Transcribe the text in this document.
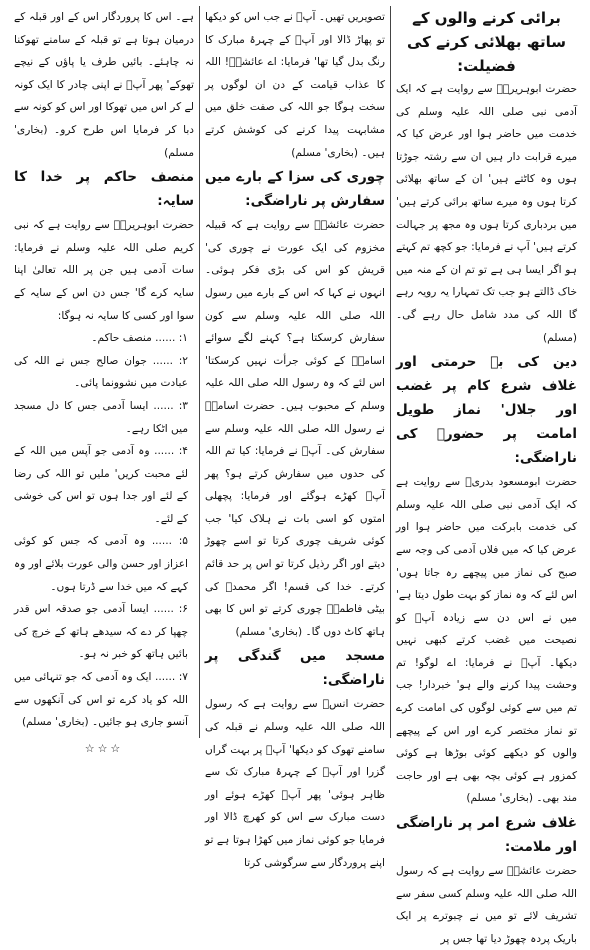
برائی کرنے والوں کے ساتھ بھلائی کرنے کی فضیلت:

حضرت ابوہریرہؓ سے روایت ہے کہ ایک آدمی نبی صلی اللہ علیہ وسلم کی خدمت میں حاضر ہوا اور عرض کیا کہ میرے قرابت دار ہیں ان سے رشتہ جوڑتا ہوں وہ کاٹتے ہیں' ان کے ساتھ بھلائی کرتا ہوں وہ میرے ساتھ برائی کرتے ہیں' میں بردباری کرتا ہوں وہ مجھ پر جہالت کرتے ہیں' آپ نے فرمایا: جو کچھ تم کہتے ہو اگر ایسا ہی ہے تو تم ان کے منہ میں خاک ڈالتے ہو جب تک تمہارا یہ رویہ رہے گا اللہ کی مدد شامل حال رہے گی۔ (مسلم)

دین کی بے حرمتی اور غلاف شرع کام پر غضب اور جلال' نماز طویل امامت پر حضورؐ کی ناراضگی:

حضرت ابومسعود بدریؓ سے روایت ہے کہ ایک آدمی نبی صلی اللہ علیہ وسلم کی خدمت بابرکت میں حاضر ہوا اور عرض کیا کہ میں فلاں آدمی کی وجہ سے صبح کی نماز میں پیچھے رہ جاتا ہوں' اس لئے کہ وہ نماز کو بہت طول دیتا ہے' میں نے اس دن سے زیادہ آپؐ کو نصیحت میں غضب کرتے کبھی نہیں دیکھا۔ آپؐ نے فرمایا: اے لوگو! تم وحشت پیدا کرنے والے ہو' خبردار! جب تم میں سے کوئی لوگوں کی امامت کرے تو نماز مختصر کرے اور اس کے پیچھے والوں کو دیکھے کوئی بوڑھا ہے کوئی کمزور ہے کوئی بچہ بھی ہے اور حاجت مند بھی۔ (بخاری' مسلم)

غلاف شرع امر پر ناراضگی اور ملامت:

حضرت عائشہؓ سے روایت ہے کہ رسول اللہ صلی اللہ علیہ وسلم کسی سفر سے تشریف لائے تو میں نے چبوترے پر ایک باریک پردہ چھوڑ دیا تھا جس پر

تصویریں تھیں۔ آپؐ نے جب اس کو دیکھا تو پھاڑ ڈالا اور آپؐ کے چہرۂ مبارک کا رنگ بدل گیا تھا' فرمایا: اے عائشہؓ! اللہ کا عذاب قیامت کے دن ان لوگوں پر سخت ہوگا جو اللہ کی صفت خلق میں مشابہت پیدا کرنے کی کوشش کرتے ہیں۔ (بخاری' مسلم)

چوری کی سزا کے بارے میں سفارش پر ناراضگی:

حضرت عائشہؓ سے روایت ہے کہ قبیلہ مخزوم کی ایک عورت نے چوری کی' قریش کو اس کی بڑی فکر ہوئی۔ انہوں نے کہا کہ اس کے بارے میں رسول اللہ صلی اللہ علیہ وسلم سے کون سفارش کرسکتا ہے؟ کہنے لگے سوائے اسامہؓ کے کوئی جرأت نہیں کرسکتا' اس لئے کہ وہ رسول اللہ صلی اللہ علیہ وسلم کے محبوب ہیں۔ حضرت اسامہؓ نے رسول اللہ صلی اللہ علیہ وسلم سے سفارش کی۔ آپؐ نے فرمایا: کیا تم اللہ کی حدوں میں سفارش کرتے ہو؟ پھر آپؐ کھڑے ہوگئے اور فرمایا: پچھلی امتوں کو اسی بات نے ہلاک کیا' جب کوئی شریف چوری کرتا تو اسے چھوڑ دیتے اور اگر رذیل کرتا تو اس پر حد قائم کرتے۔ خدا کی قسم! اگر محمدؐ کی بیٹی فاطمہؓ چوری کرتے تو اس کا بھی ہاتھ کاٹ دوں گا۔ (بخاری' مسلم)

مسجد میں گندگی پر ناراضگی:

حضرت انسؓ سے روایت ہے کہ رسول اللہ صلی اللہ علیہ وسلم نے قبلہ کی سامنے تھوک کو دیکھا' آپؐ پر بہت گراں گزرا اور آپؐ کے چہرۂ مبارک تک سے ظاہر ہوئی' پھر آپؐ کھڑے ہوئے اور دست مبارک سے اس کو کھرچ ڈالا اور فرمایا جو کوئی نماز میں کھڑا ہوتا ہے تو اپنے پروردگار سے سرگوشی کرتا

ہے۔ اس کا پروردگار اس کے اور قبلہ کے درمیان ہوتا ہے تو قبلہ کے سامنے تھوکنا نہ چاہئے۔ بائیں طرف یا پاؤں کے نیچے تھوکے' پھر آپؐ نے اپنی چادر کا ایک کونہ لے کر اس میں تھوکا اور اس کو کونہ سے دبا کر فرمایا اس طرح کرو۔ (بخاری' مسلم)

منصف حاکم پر خدا کا سایہ:

حضرت ابوہریرہؓ سے روایت ہے کہ نبی کریم صلی اللہ علیہ وسلم نے فرمایا: سات آدمی ہیں جن پر اللہ تعالیٰ اپنا سایہ کرے گا' جس دن اس کے سایہ کے سوا اور کسی کا سایہ نہ ہوگا:

۱: ...... منصف حاکم۔

۲: ...... جوان صالح جس نے اللہ کی عبادت میں نشوونما پائی۔

۳: ...... ایسا آدمی جس کا دل مسجد میں اٹکا رہے۔

۴: ...... وہ آدمی جو آپس میں اللہ کے لئے محبت کریں' ملیں تو اللہ کی رضا کے لئے اور جدا ہوں تو اس کی خوشی کے لئے۔

۵: ...... وہ آدمی کہ جس کو کوئی اعزاز اور حسن والی عورت بلائے اور وہ کہے کہ میں خدا سے ڈرتا ہوں۔

۶: ...... ایسا آدمی جو صدقہ اس قدر چھپا کر دے کہ سیدھے ہاتھ کے خرچ کی بائیں ہاتھ کو خبر نہ ہو۔

۷: ...... ایک وہ آدمی کہ جو تنہائی میں اللہ کو یاد کرے تو اس کی آنکھوں سے آنسو جاری ہو جائیں۔ (بخاری' مسلم)

☆☆☆
